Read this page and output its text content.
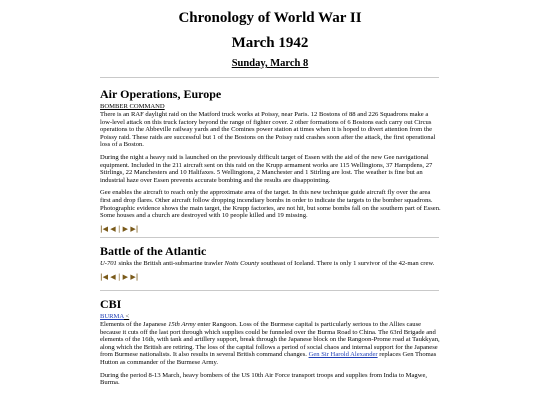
Chronology of World War II
March 1942
Sunday, March 8
Air Operations, Europe
BOMBER COMMAND

There is an RAF daylight raid on the Matford truck works at Poissy, near Paris. 12 Bostons of 88 and 226 Squadrons make a low-level attack on this truck factory beyond the range of fighter cover. 2 other formations of 6 Bostons each carry out Circus operations to the Abbeville railway yards and the Comines power station at times when it is hoped to divert attention from the Poissy raid. These raids are successful but 1 of the Bostons on the Poissy raid crashes soon after the attack, the first operational loss of a Boston.

During the night a heavy raid is launched on the previously difficult target of Essen with the aid of the new Gee navigational equipment. Included in the 211 aircraft sent on this raid on the Krupp armament works are 115 Wellingtons, 37 Hampdens, 27 Stirlings, 22 Manchesters and 10 Halifaxes. 5 Wellingtons, 2 Manchester and 1 Stirling are lost. The weather is fine but an industrial haze over Essen prevents accurate bombing and the results are disappointing.

Gee enables the aircraft to reach only the approximate area of the target. In this new technique guide aircraft fly over the area first and drop flares. Other aircraft follow dropping incendiary bombs in order to indicate the targets to the bomber squadrons. Photographic evidence shows the main target, the Krupp factories, are not hit, but some bombs fall on the southern part of Essen. Some houses and a church are destroyed with 10 people killed and 19 missing.

|◀ ◀ | ▶ ▶|
Battle of the Atlantic

U-701 sinks the British anti-submarine trawler Notts County southeast of Iceland. There is only 1 survivor of the 42-man crew.

|◀ ◀ | ▶ ▶|
CBI
BURMA <

Elements of the Japanese 15th Army enter Rangoon. Loss of the Burmese capital is particularly serious to the Allies cause because it cuts off the last port through which supplies could be funneled over the Burma Road to China. The 63rd Brigade and elements of the 16th, with tank and artillery support, break through the Japanese block on the Rangoon-Prome road at Taukkyan, along which the British are retiring. The loss of the capital follows a period of social chaos and internal support for the Japanese from Burmese nationalists. It also results in several British command changes. Gen Sir Harold Alexander replaces Gen Thomas Hutton as commander of the Burmese Army.

During the period 8-13 March, heavy bombers of the US 10th Air Force transport troops and supplies from India to Magwe, Burma.
